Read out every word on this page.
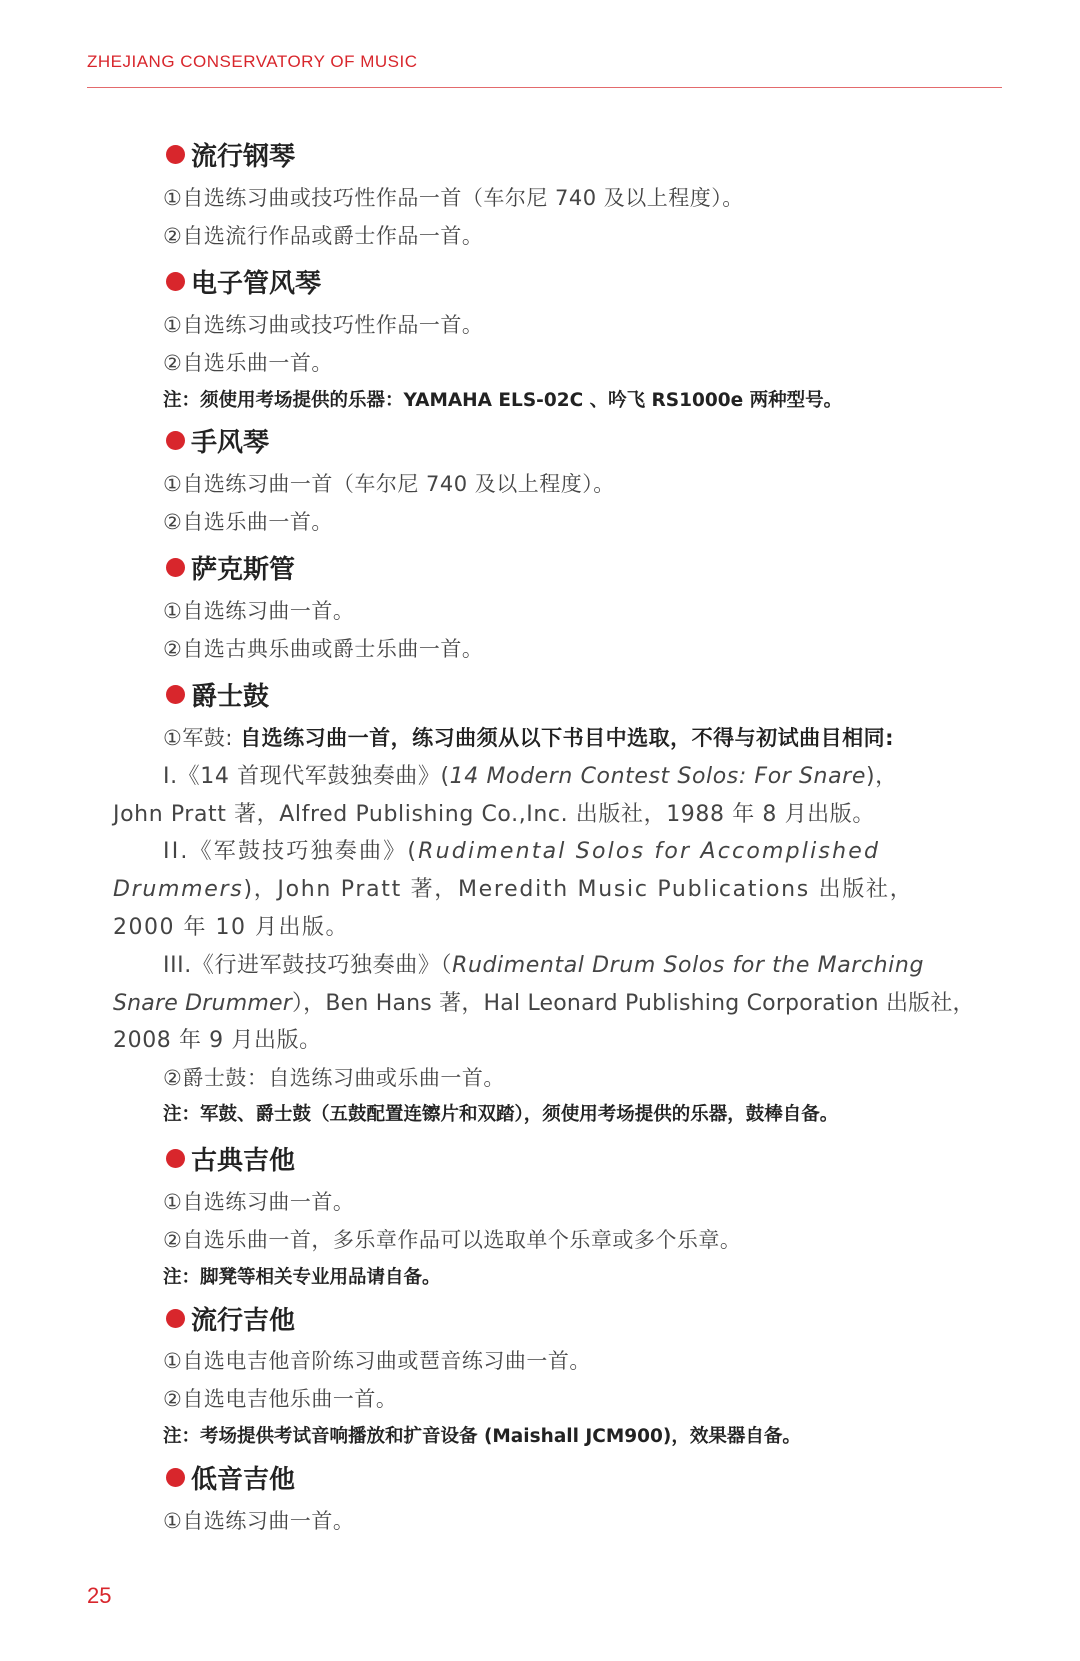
ZHEJIANG CONSERVATORY OF MUSIC
流行钢琴
①自选练习曲或技巧性作品一首（车尔尼 740 及以上程度）。
②自选流行作品或爵士作品一首。
电子管风琴
①自选练习曲或技巧性作品一首。
②自选乐曲一首。
注：须使用考场提供的乐器：YAMAHA ELS-02C 、吟飞 RS1000e 两种型号。
手风琴
①自选练习曲一首（车尔尼 740 及以上程度）。
②自选乐曲一首。
萨克斯管
①自选练习曲一首。
②自选古典乐曲或爵士乐曲一首。
爵士鼓
①军鼓: 自选练习曲一首，练习曲须从以下书目中选取，不得与初试曲目相同:
I.《14 首现代军鼓独奏曲》(14 Modern Contest Solos: For Snare)，
John Pratt 著，Alfred Publishing Co.,Inc. 出版社，1988 年 8 月出版。
II.《军鼓技巧独奏曲》(Rudimental Solos for Accomplished
Drummers)，John Pratt 著，Meredith Music Publications 出版社，
2000 年 10 月出版。
III.《行进军鼓技巧独奏曲》（Rudimental Drum Solos for the Marching
Snare Drummer），Ben Hans 著，Hal Leonard Publishing Corporation 出版社，
2008 年 9 月出版。
②爵士鼓：自选练习曲或乐曲一首。
注：军鼓、爵士鼓（五鼓配置连镲片和双踏），须使用考场提供的乐器，鼓棒自备。
古典吉他
①自选练习曲一首。
②自选乐曲一首，多乐章作品可以选取单个乐章或多个乐章。
注：脚凳等相关专业用品请自备。
流行吉他
①自选电吉他音阶练习曲或琶音练习曲一首。
②自选电吉他乐曲一首。
注：考场提供考试音响播放和扩音设备 (Maishall JCM900)，效果器自备。
低音吉他
①自选练习曲一首。
25
